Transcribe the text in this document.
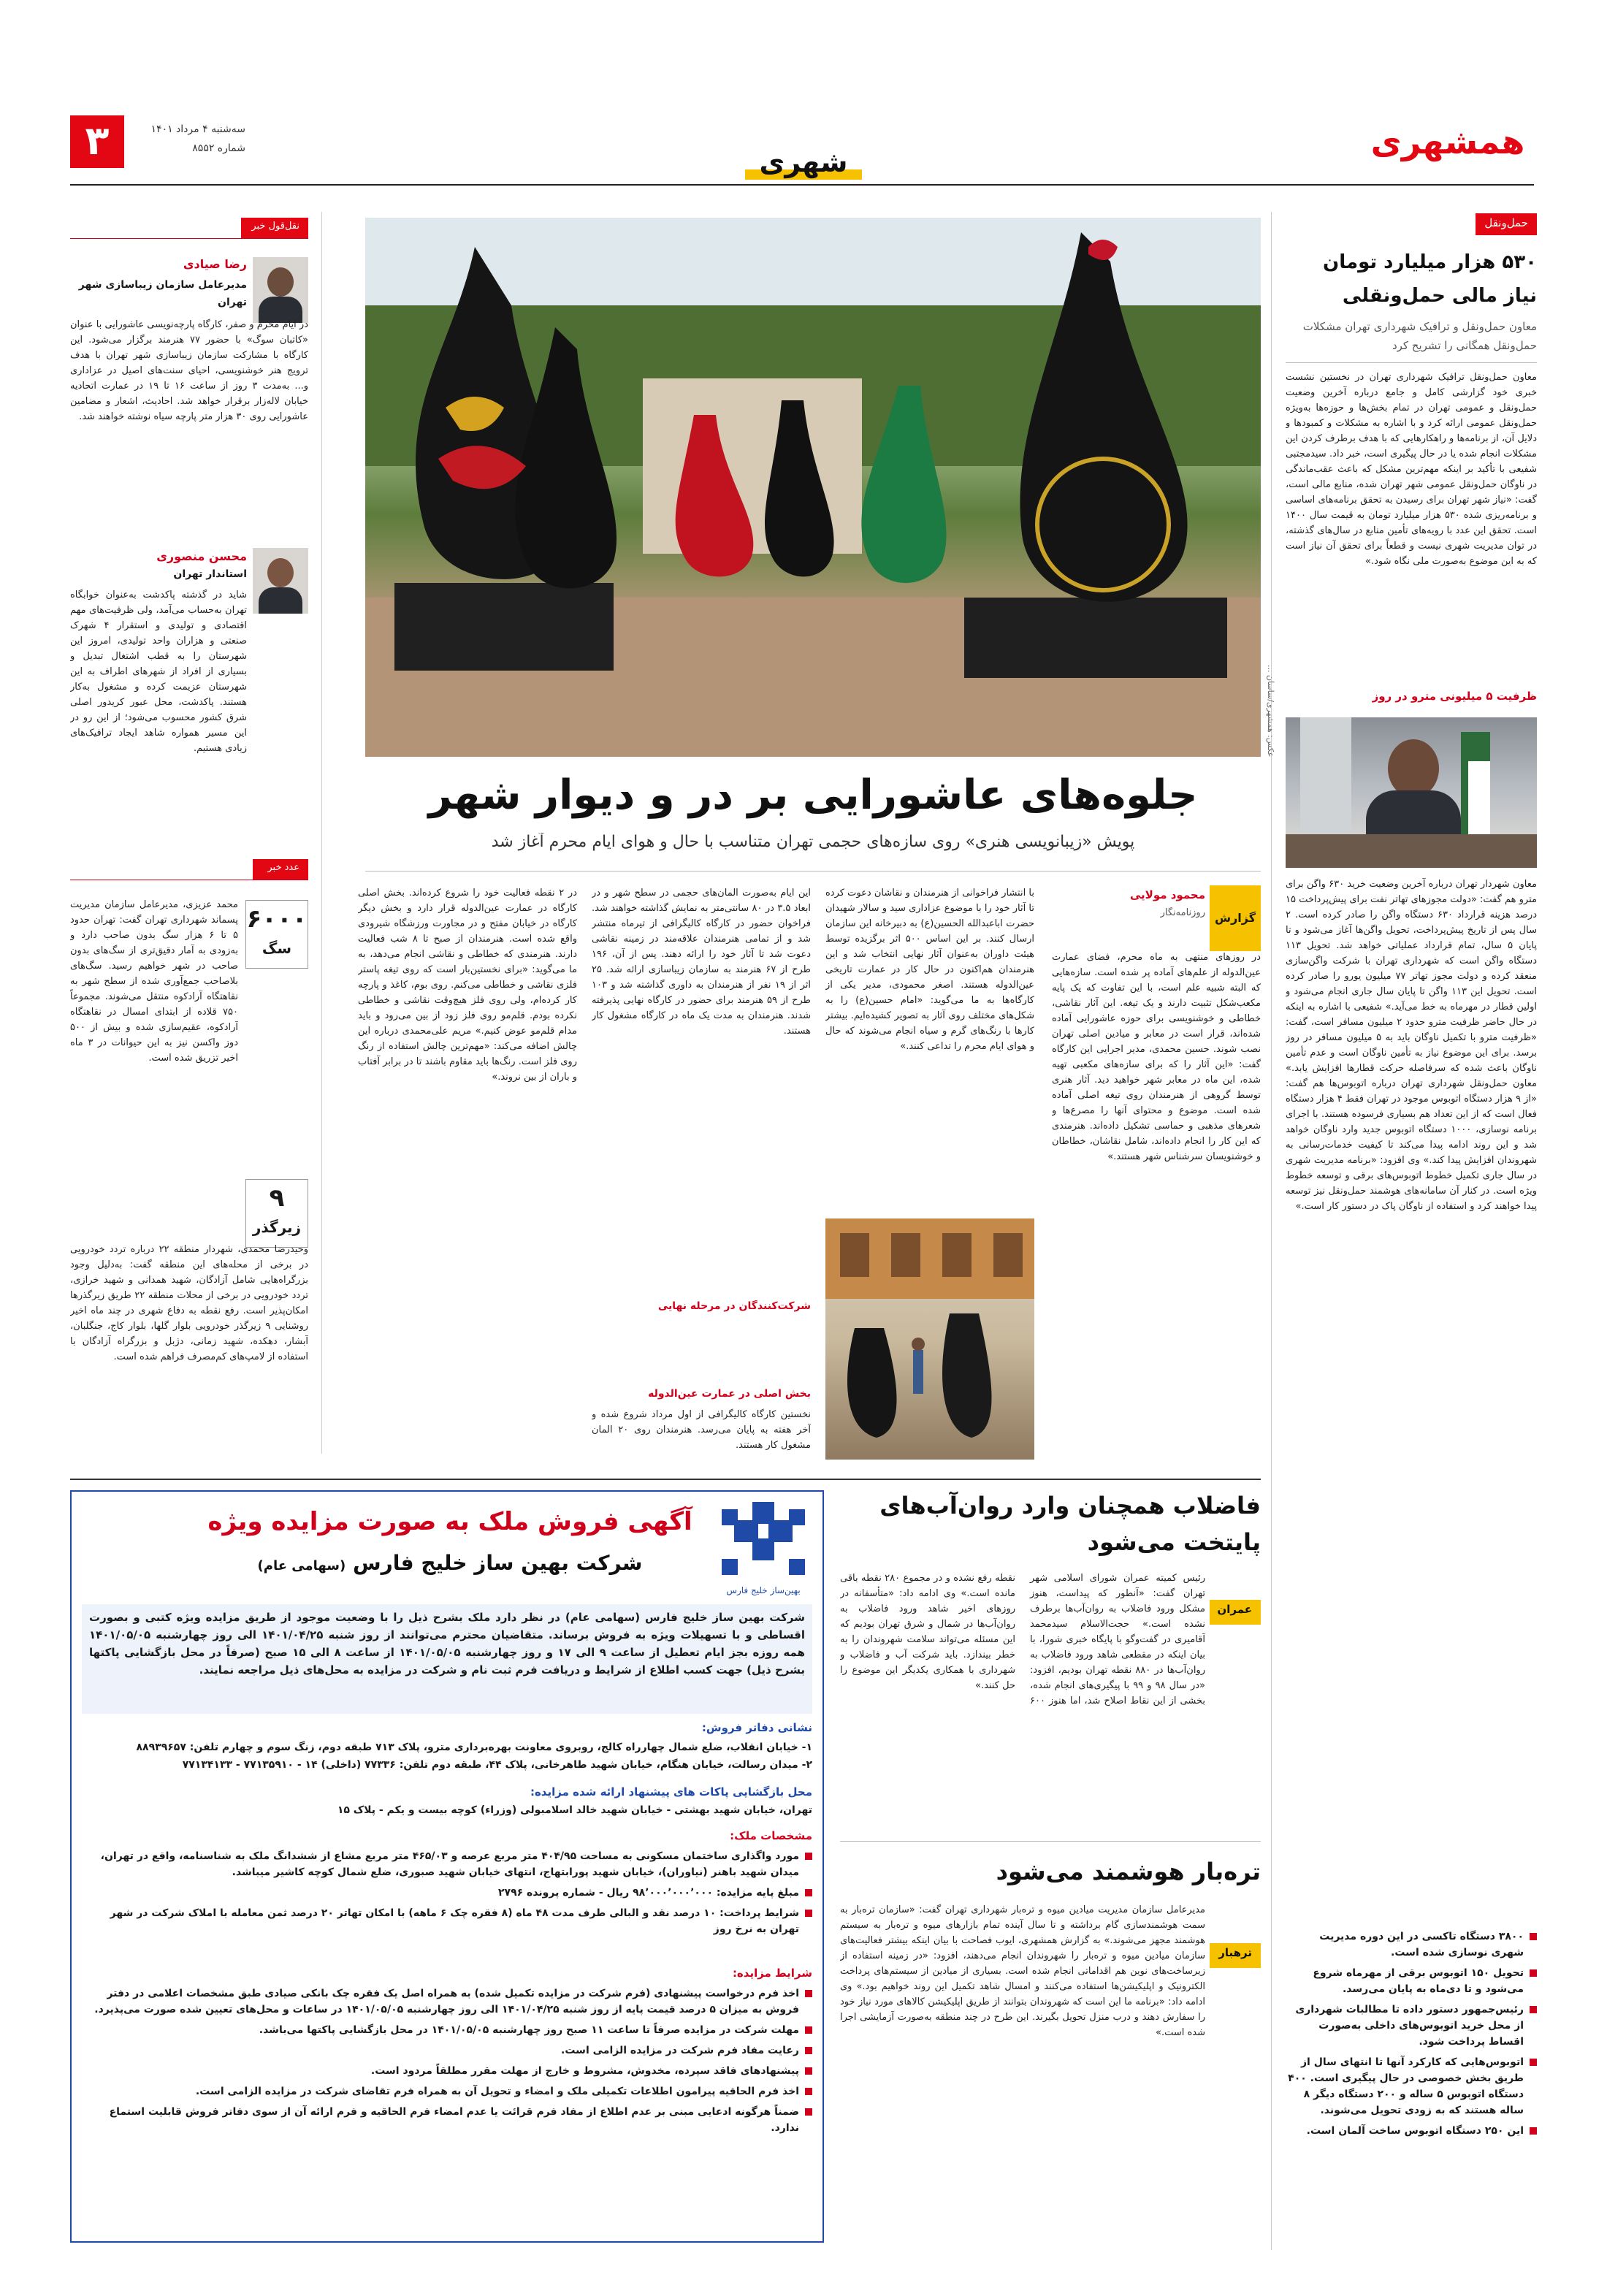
۳	سه‌شنبه ۴ مرداد ۱۴۰۱
شماره ۸۵۵۲	شهری
همشهری
حمل‌ونقل
۵۳۰ هزار میلیارد تومان نیاز مالی حمل‌ونقلی
معاون حمل‌ونقل و ترافیک شهرداری تهران مشکلات حمل‌ونقل همگانی را تشریح کرد
معاون حمل‌ونقل ترافیک شهرداری تهران در نخستین نشست خبری خود گزارشی کامل و جامع درباره آخرین وضعیت حمل‌ونقل و عمومی تهران در تمام بخش‌ها و حوزه‌ها به‌ویژه حمل‌ونقل عمومی ارائه کرد و با اشاره به مشکلات و کمبودها و دلایل آن، از برنامه‌ها و راهکارهایی که با هدف برطرف کردن این مشکلات انجام شده یا در حال پیگیری است، خبر داد. سیدمجتبی شفیعی با تأکید بر اینکه مهم‌ترین مشکل که باعث عقب‌ماندگی در ناوگان حمل‌ونقل عمومی شهر تهران شده، منابع مالی است، گفت: «نیاز شهر تهران برای رسیدن به تحقق برنامه‌های اساسی و برنامه‌ریزی شده ۵۳۰ هزار میلیارد تومان به قیمت سال ۱۴۰۰ است. تحقق این عدد با رویه‌های تأمین منابع در سال‌های گذشته، در توان مدیریت شهری نیست و قطعاً برای تحقق آن نیاز است که به این موضوع به‌صورت ملی نگاه شود.»
ظرفیت ۵ میلیونی مترو در روز
معاون شهردار تهران درباره آخرین وضعیت خرید ۶۳۰ واگن برای مترو هم گفت: «دولت مجوزهای تهاتر نفت برای پیش‌پرداخت ۱۵ درصد هزینه قرارداد ۶۳۰ دستگاه واگن را صادر کرده است. ۲ سال پس از تاریخ پیش‌پرداخت، تحویل واگن‌ها آغاز می‌شود و تا پایان ۵ سال، تمام قرارداد عملیاتی خواهد شد. تحویل ۱۱۳ دستگاه واگن است که شهرداری تهران با شرکت واگن‌سازی منعقد کرده و دولت مجوز تهاتر ۷۷ میلیون یورو را صادر کرده است. تحویل این ۱۱۳ واگن تا پایان سال جاری انجام می‌شود و اولین قطار در مهرماه به خط می‌آید.» شفیعی با اشاره به اینکه در حال حاضر ظرفیت مترو حدود ۲ میلیون مسافر است، گفت: «ظرفیت مترو با تکمیل ناوگان باید به ۵ میلیون مسافر در روز برسد. برای این موضوع نیاز به تأمین ناوگان است و عدم تأمین ناوگان باعث شده که سرفاصله حرکت قطارها افزایش یابد.» معاون حمل‌ونقل شهرداری تهران درباره اتوبوس‌ها هم گفت: «از ۹ هزار دستگاه اتوبوس موجود در تهران فقط ۴ هزار دستگاه فعال است که از این تعداد هم بسیاری فرسوده هستند. با اجرای برنامه نوسازی، ۱۰۰۰ دستگاه اتوبوس جدید وارد ناوگان خواهد شد و این روند ادامه پیدا می‌کند تا کیفیت خدمات‌رسانی به شهروندان افزایش پیدا کند.» وی افزود: «برنامه مدیریت شهری در سال جاری تکمیل خطوط اتوبوس‌های برقی و توسعه خطوط ویژه است. در کنار آن سامانه‌های هوشمند حمل‌ونقل نیز توسعه پیدا خواهند کرد و استفاده از ناوگان پاک در دستور کار است.»
۳۸۰۰ دستگاه تاکسی در این دوره مدیریت شهری نوسازی شده است.
تحویل ۱۵۰ اتوبوس برقی از مهرماه شروع می‌شود و تا دی‌ماه به پایان می‌رسد.
رئیس‌جمهور دستور داده تا مطالبات شهرداری از محل خرید اتوبوس‌های داخلی به‌صورت اقساط پرداخت شود.
اتوبوس‌هایی که کارکرد آنها تا انتهای سال از طریق بخش خصوصی در حال پیگیری است. ۴۰۰ دستگاه اتوبوس ۵ ساله و ۲۰۰ دستگاه دیگر ۸ ساله هستند که به زودی تحویل می‌شوند.
این ۲۵۰ دستگاه اتوبوس ساخت آلمان است.
نقل‌قول خبر
رضا صیادی
مدیرعامل سازمان زیباسازی شهر تهران
در ایام محرم و صفر، کارگاه پارچه‌نویسی عاشورایی با عنوان «کاتبان سوگ» با حضور ۷۷ هنرمند برگزار می‌شود. این کارگاه با مشارکت سازمان زیباسازی شهر تهران با هدف ترویج هنر خوشنویسی، احیای سنت‌های اصیل در عزاداری و... به‌مدت ۳ روز از ساعت ۱۶ تا ۱۹ در عمارت اتحادیه خیابان لاله‌زار برقرار خواهد شد. احادیث، اشعار و مضامین عاشورایی روی ۳۰ هزار متر پارچه سیاه نوشته خواهند شد.
محسن منصوری
استاندار تهران
شاید در گذشته پاکدشت به‌عنوان خوابگاه تهران به‌حساب می‌آمد، ولی ظرفیت‌های مهم اقتصادی و تولیدی و استقرار ۴ شهرک صنعتی و هزاران واحد تولیدی، امروز این شهرستان را به قطب اشتغال تبدیل و بسیاری از افراد از شهرهای اطراف به این شهرستان عزیمت کرده و مشغول به‌کار هستند. پاکدشت، محل عبور کریدور اصلی شرق کشور محسوب می‌شود؛ از این رو در این مسیر همواره شاهد ایجاد ترافیک‌های زیادی هستیم.
عدد خبر
۶۰۰۰
سگ
محمد عزیزی، مدیرعامل سازمان مدیریت پسماند شهرداری تهران گفت: تهران حدود ۵ تا ۶ هزار سگ بدون صاحب دارد و به‌زودی به آمار دقیق‌تری از سگ‌های بدون صاحب در شهر خواهیم رسید. سگ‌های بلاصاحب جمع‌آوری شده از سطح شهر به نقاهتگاه آرادکوه منتقل می‌شوند. مجموعاً ۷۵۰ قلاده از ابتدای امسال در نقاهتگاه آرادکوه، عقیم‌سازی شده و بیش از ۵۰۰ دوز واکسن نیز به این حیوانات در ۳ ماه اخیر تزریق شده است.
۹
زیرگذر
وحیدرضا محمدی، شهردار منطقه ۲۲ درباره تردد خودرویی در برخی از محله‌های این منطقه گفت: به‌دلیل وجود بزرگراه‌هایی شامل آزادگان، شهید همدانی و شهید خرازی، تردد خودرویی در برخی از محلات منطقه ۲۲ طریق زیرگذرها امکان‌پذیر است. رفع نقطه به دفاع شهری در چند ماه اخیر روشنایی ۹ زیرگذر خودرویی بلوار گلها، بلوار کاج، جنگلبان، آبشار، دهکده، شهید زمانی، دژبل و بزرگراه آزادگان با استفاده از لامپ‌های کم‌مصرف فراهم شده است.
عکس: همشهری/ساسان ...
جلوه‌های عاشورایی بر در و دیوار شهر
پویش «زیبانویسی هنری» روی سازه‌های حجمی تهران متناسب با حال و هوای ایام محرم آغاز شد
گزارش
محمود مولایی
روزنامه‌نگار
در روزهای منتهی به ماه محرم، فضای عمارت عین‌الدوله از علم‌های آماده پر شده است. سازه‌هایی که البته شبیه علم است، با این تفاوت که یک پایه مکعب‌شکل تثبیت دارند و یک تیغه. این آثار نقاشی، خطاطی و خوشنویسی برای حوزه عاشورایی آماده شده‌اند، قرار است در معابر و میادین اصلی تهران نصب شوند. حسین محمدی، مدیر اجرایی این کارگاه گفت: «این آثار را که برای سازه‌های مکعبی تهیه شده، این ماه در معابر شهر خواهید دید. آثار هنری توسط گروهی از هنرمندان روی تیغه اصلی آماده شده است. موضوع و محتوای آنها را مصرع‌ها و شعرهای مذهبی و حماسی تشکیل داده‌اند. هنرمندی که این کار را انجام داده‌اند، شامل نقاشان، خطاطان و خوشنویسان سرشناس شهر هستند.»
با انتشار فراخوانی از هنرمندان و نقاشان دعوت کرده تا آثار خود را با موضوع عزاداری سید و سالار شهیدان حضرت اباعبدالله الحسین(ع) به دبیرخانه این سازمان ارسال کنند. بر این اساس ۵۰۰ اثر برگزیده توسط هیئت داوران به‌عنوان آثار نهایی انتخاب شد و این هنرمندان هم‌اکنون در حال کار در عمارت تاریخی عین‌الدوله هستند. اصغر محمودی، مدیر یکی از کارگاه‌ها به ما می‌گوید: «امام حسین(ع) را به شکل‌های مختلف روی آثار به تصویر کشیده‌ایم. بیشتر کارها با رنگ‌های گرم و سیاه انجام می‌شوند که حال و هوای ایام محرم را تداعی کنند.»
این ایام به‌صورت المان‌های حجمی در سطح شهر و در ابعاد ۳.۵ در ۸۰ سانتی‌متر به نمایش گذاشته خواهند شد. فراخوان حضور در کارگاه کالیگرافی از تیرماه منتشر شد و از تمامی هنرمندان علاقه‌مند در زمینه نقاشی دعوت شد تا آثار خود را ارائه دهند. پس از آن، ۱۹۶ طرح از ۶۷ هنرمند به سازمان زیباسازی ارائه شد. ۲۵ اثر از ۱۹ نفر از هنرمندان به داوری گذاشته شد و ۱۰۳ طرح از ۵۹ هنرمند برای حضور در کارگاه نهایی پذیرفته شدند. هنرمندان به مدت یک ماه در کارگاه مشغول کار هستند.
بخش اصلی در عمارت عین‌الدوله
نخستین کارگاه کالیگرافی از اول مرداد شروع شده و آخر هفته به پایان می‌رسد. هنرمندان روی ۲۰ المان مشغول کار هستند.
شرکت‌کنندگان در مرحله نهایی
در ۲ نقطه فعالیت خود را شروع کرده‌اند. بخش اصلی کارگاه در عمارت عین‌الدوله قرار دارد و بخش دیگر کارگاه در خیابان مفتح و در مجاورت ورزشگاه شیرودی واقع شده است. هنرمندان از صبح تا ۸ شب فعالیت دارند. هنرمندی که خطاطی و نقاشی انجام می‌دهد، به ما می‌گوید: «برای نخستین‌بار است که روی تیغه پاستر فلزی نقاشی و خطاطی می‌کنم. روی بوم، کاغذ و پارچه کار کرده‌ام، ولی روی فلز هیچ‌وقت نقاشی و خطاطی نکرده بودم. قلم‌مو روی فلز زود از بین می‌رود و باید مدام قلم‌مو عوض کنیم.» مریم علی‌محمدی درباره این چالش اضافه می‌کند: «مهم‌ترین چالش استفاده از رنگ روی فلز است. رنگ‌ها باید مقاوم باشند تا در برابر آفتاب و باران از بین نروند.»
فاضلاب همچنان وارد روان‌آب‌های پایتخت می‌شود
عمران
رئیس کمیته عمران شورای اسلامی شهر تهران گفت: «آنطور که پیداست، هنوز مشکل ورود فاضلاب به روان‌آب‌ها برطرف نشده است.» حجت‌الاسلام سیدمحمد آقامیری در گفت‌وگو با پایگاه خبری شورا، با بیان اینکه در مقطعی شاهد ورود فاضلاب به روان‌آب‌ها در ۸۸۰ نقطه تهران بودیم، افزود: «در سال ۹۸ و ۹۹ با پیگیری‌های انجام شده، بخشی از این نقاط اصلاح شد، اما هنوز ۶۰۰ نقطه رفع نشده و در مجموع ۲۸۰ نقطه باقی مانده است.» وی ادامه داد: «متأسفانه در روزهای اخیر شاهد ورود فاضلاب به روان‌آب‌ها در شمال و شرق تهران بودیم که این مسئله می‌تواند سلامت شهروندان را به خطر بیندازد. باید شرکت آب و فاضلاب و شهرداری با همکاری یکدیگر این موضوع را حل کنند.»
تره‌بار هوشمند می‌شود
ترهبار
مدیرعامل سازمان مدیریت میادین میوه و تره‌بار شهرداری تهران گفت: «سازمان تره‌بار به سمت هوشمندسازی گام برداشته و تا سال آینده تمام بازارهای میوه و تره‌بار به سیستم هوشمند مجهز می‌شوند.» به گزارش همشهری، ایوب فصاحت با بیان اینکه بیشتر فعالیت‌های سازمان میادین میوه و تره‌بار را شهروندان انجام می‌دهند، افزود: «در زمینه استفاده از زیرساخت‌های نوین هم اقداماتی انجام شده است. بسیاری از میادین از سیستم‌های پرداخت الکترونیک و اپلیکیشن‌ها استفاده می‌کنند و امسال شاهد تکمیل این روند خواهیم بود.» وی ادامه داد: «برنامه ما این است که شهروندان بتوانند از طریق اپلیکیشن کالاهای مورد نیاز خود را سفارش دهند و درب منزل تحویل بگیرند. این طرح در چند منطقه به‌صورت آزمایشی اجرا شده است.»
بهین‌ساز خلیج فارس
آگهی فروش ملک به صورت مزایده ویژه
شرکت بهین ساز خلیج فارس (سهامی عام)
شرکت بهین ساز خلیج فارس (سهامی عام) در نظر دارد ملک بشرح ذیل را با وضعیت موجود از طریق مزایده ویژه کتبی و بصورت اقساطی و با تسهیلات ویژه به فروش برساند. متقاضیان محترم می‌توانند از روز شنبه ۱۴۰۱/۰۴/۲۵ الی روز چهارشنبه ۱۴۰۱/۰۵/۰۵ همه روزه بجز ایام تعطیل از ساعت ۹ الی ۱۷ و روز چهارشنبه ۱۴۰۱/۰۵/۰۵ از ساعت ۸ الی ۱۵ صبح (صرفاً در محل بازگشایی پاکتها بشرح ذیل) جهت کسب اطلاع از شرایط و دریافت فرم ثبت نام و شرکت در مزایده به محل‌های ذیل مراجعه نمایند.
نشانی دفاتر فروش:
۱- خیابان انقلاب، ضلع شمال چهارراه کالج، روبروی معاونت بهره‌برداری مترو، پلاک ۷۱۳ طبقه دوم، زنگ سوم و چهارم تلفن: ۸۸۹۳۹۶۵۷
۲- میدان رسالت، خیابان هنگام، خیابان شهید طاهرخانی، پلاک ۴۴، طبقه دوم تلفن: ۷۷۳۳۶ (داخلی) ۱۴ - ۷۷۱۳۵۹۱۰ - ۷۷۱۳۴۱۳۳
محل بازگشایی پاکات های پیشنهاد ارائه شده مزایده:
تهران، خیابان شهید بهشتی - خیابان شهید خالد اسلامبولی (وزراء) کوچه بیست و یکم - پلاک ۱۵
مشخصات ملک:
مورد واگذاری ساختمان مسکونی به مساحت ۴۰۴/۹۵ متر مربع عرصه و ۴۶۵/۰۳ متر مربع مشاع از ششدانگ ملک به شناسنامه، واقع در تهران، میدان شهید باهنر (نیاوران)، خیابان شهید پورابتهاج، انتهای خیابان شهید صبوری، ضلع شمال کوچه کاشیر میباشد.
مبلغ پایه مزایده: ۹۸٬۰۰۰٬۰۰۰٬۰۰۰ ریال - شماره پرونده ۲۷۹۶
شرایط پرداخت: ۱۰ درصد نقد و البالی طرف مدت ۴۸ ماه (۸ فقره چک ۶ ماهه) با امکان تهاتر ۲۰ درصد ثمن معامله با املاک شرکت در شهر تهران به نرخ روز
شرایط مزایده:
اخذ فرم درخواست پیشنهادی (فرم شرکت در مزایده تکمیل شده) به همراه اصل یک فقره چک بانکی صیادی طبق مشخصات اعلامی در دفتر فروش به میزان ۵ درصد قیمت پایه از روز شنبه ۱۴۰۱/۰۴/۲۵ الی روز چهارشنبه ۱۴۰۱/۰۵/۰۵ در ساعات و محل‌های تعیین شده صورت می‌پذیرد.
مهلت شرکت در مزایده صرفاً تا ساعت ۱۱ صبح روز چهارشنبه ۱۴۰۱/۰۵/۰۵ در محل بازگشایی پاکتها می‌باشد.
رعایت مفاد فرم شرکت در مزایده الزامی است.
پیشنهادهای فاقد سپرده، مخدوش، مشروط و خارج از مهلت مقرر مطلقاً مردود است.
اخذ فرم الحاقیه پیرامون اطلاعات تکمیلی ملک و امضاء و تحویل آن به همراه فرم تقاضای شرکت در مزایده الزامی است.
ضمناً هرگونه ادعایی مبنی بر عدم اطلاع از مفاد فرم قرائت یا عدم امضاء فرم الحاقیه و فرم ارائه آن از سوی دفاتر فروش قابلیت استماع ندارد.
